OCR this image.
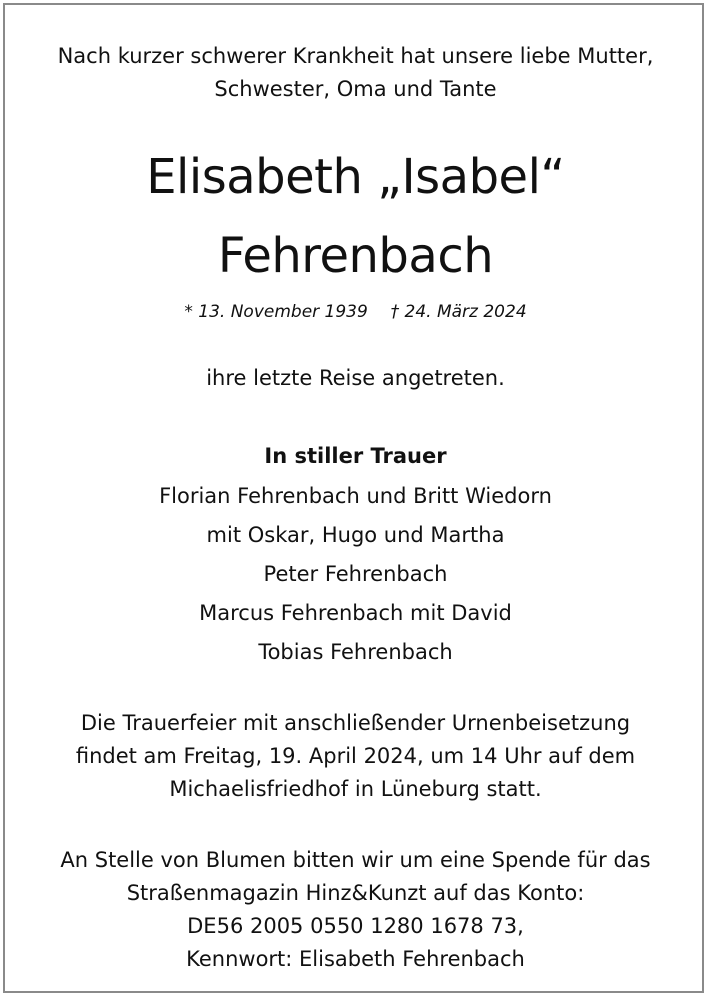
Nach kurzer schwerer Krankheit hat unsere liebe Mutter,
Schwester, Oma und Tante
Elisabeth „Isabel“
Fehrenbach
* 13. November 1939 † 24. März 2024
ihre letzte Reise angetreten.
In stiller Trauer
Florian Fehrenbach und Britt Wiedorn
mit Oskar, Hugo und Martha
Peter Fehrenbach
Marcus Fehrenbach mit David
Tobias Fehrenbach
Die Trauerfeier mit anschließender Urnenbeisetzung
findet am Freitag, 19. April 2024, um 14 Uhr auf dem
Michaelisfriedhof in Lüneburg statt.
An Stelle von Blumen bitten wir um eine Spende für das
Straßenmagazin Hinz&Kunzt auf das Konto:
DE56 2005 0550 1280 1678 73,
Kennwort: Elisabeth Fehrenbach
